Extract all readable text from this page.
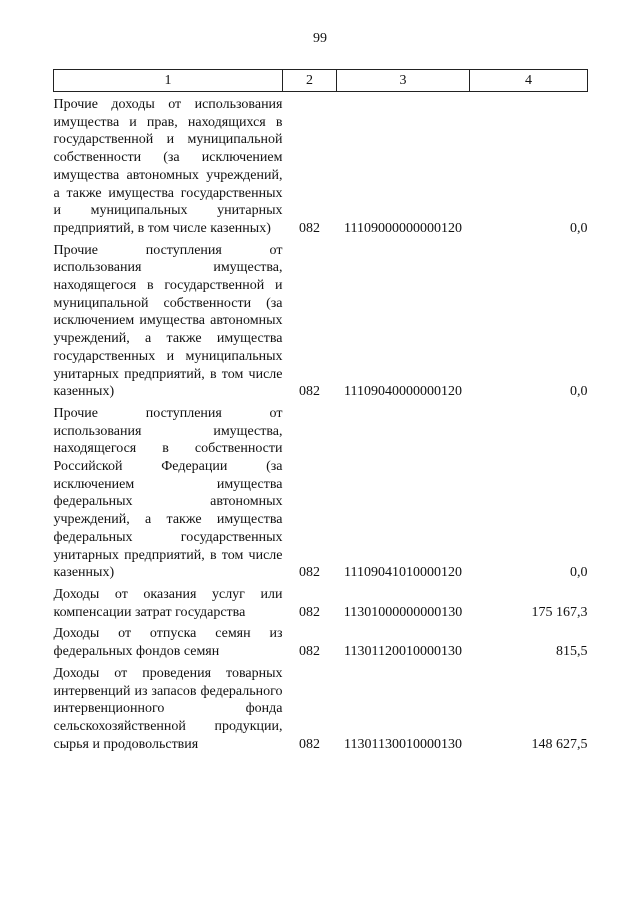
99
1	2	3	4
Прочие доходы от использования имущества и прав, находящихся в государственной и муниципальной собственности (за исключением имущества автономных учреждений, а также имущества государственных и муниципальных унитарных предприятий, в том числе казенных)	082	11109000000000120	0,0
Прочие поступления от использования имущества, находящегося в государственной и муниципальной собственности (за исключением имущества автономных учреждений, а также имущества государственных и муниципальных унитарных предприятий, в том числе казенных)	082	11109040000000120	0,0
Прочие поступления от использования имущества, находящегося в собственности Российской Федерации (за исключением имущества федеральных автономных учреждений, а также имущества федеральных государственных унитарных предприятий, в том числе казенных)	082	11109041010000120	0,0
Доходы от оказания услуг или компенсации затрат государства	082	11301000000000130	175 167,3
Доходы от отпуска семян из федеральных фондов семян	082	11301120010000130	815,5
Доходы от проведения товарных интервенций из запасов федерального интервенционного фонда сельскохозяйственной продукции, сырья и продовольствия	082	11301130010000130	148 627,5
